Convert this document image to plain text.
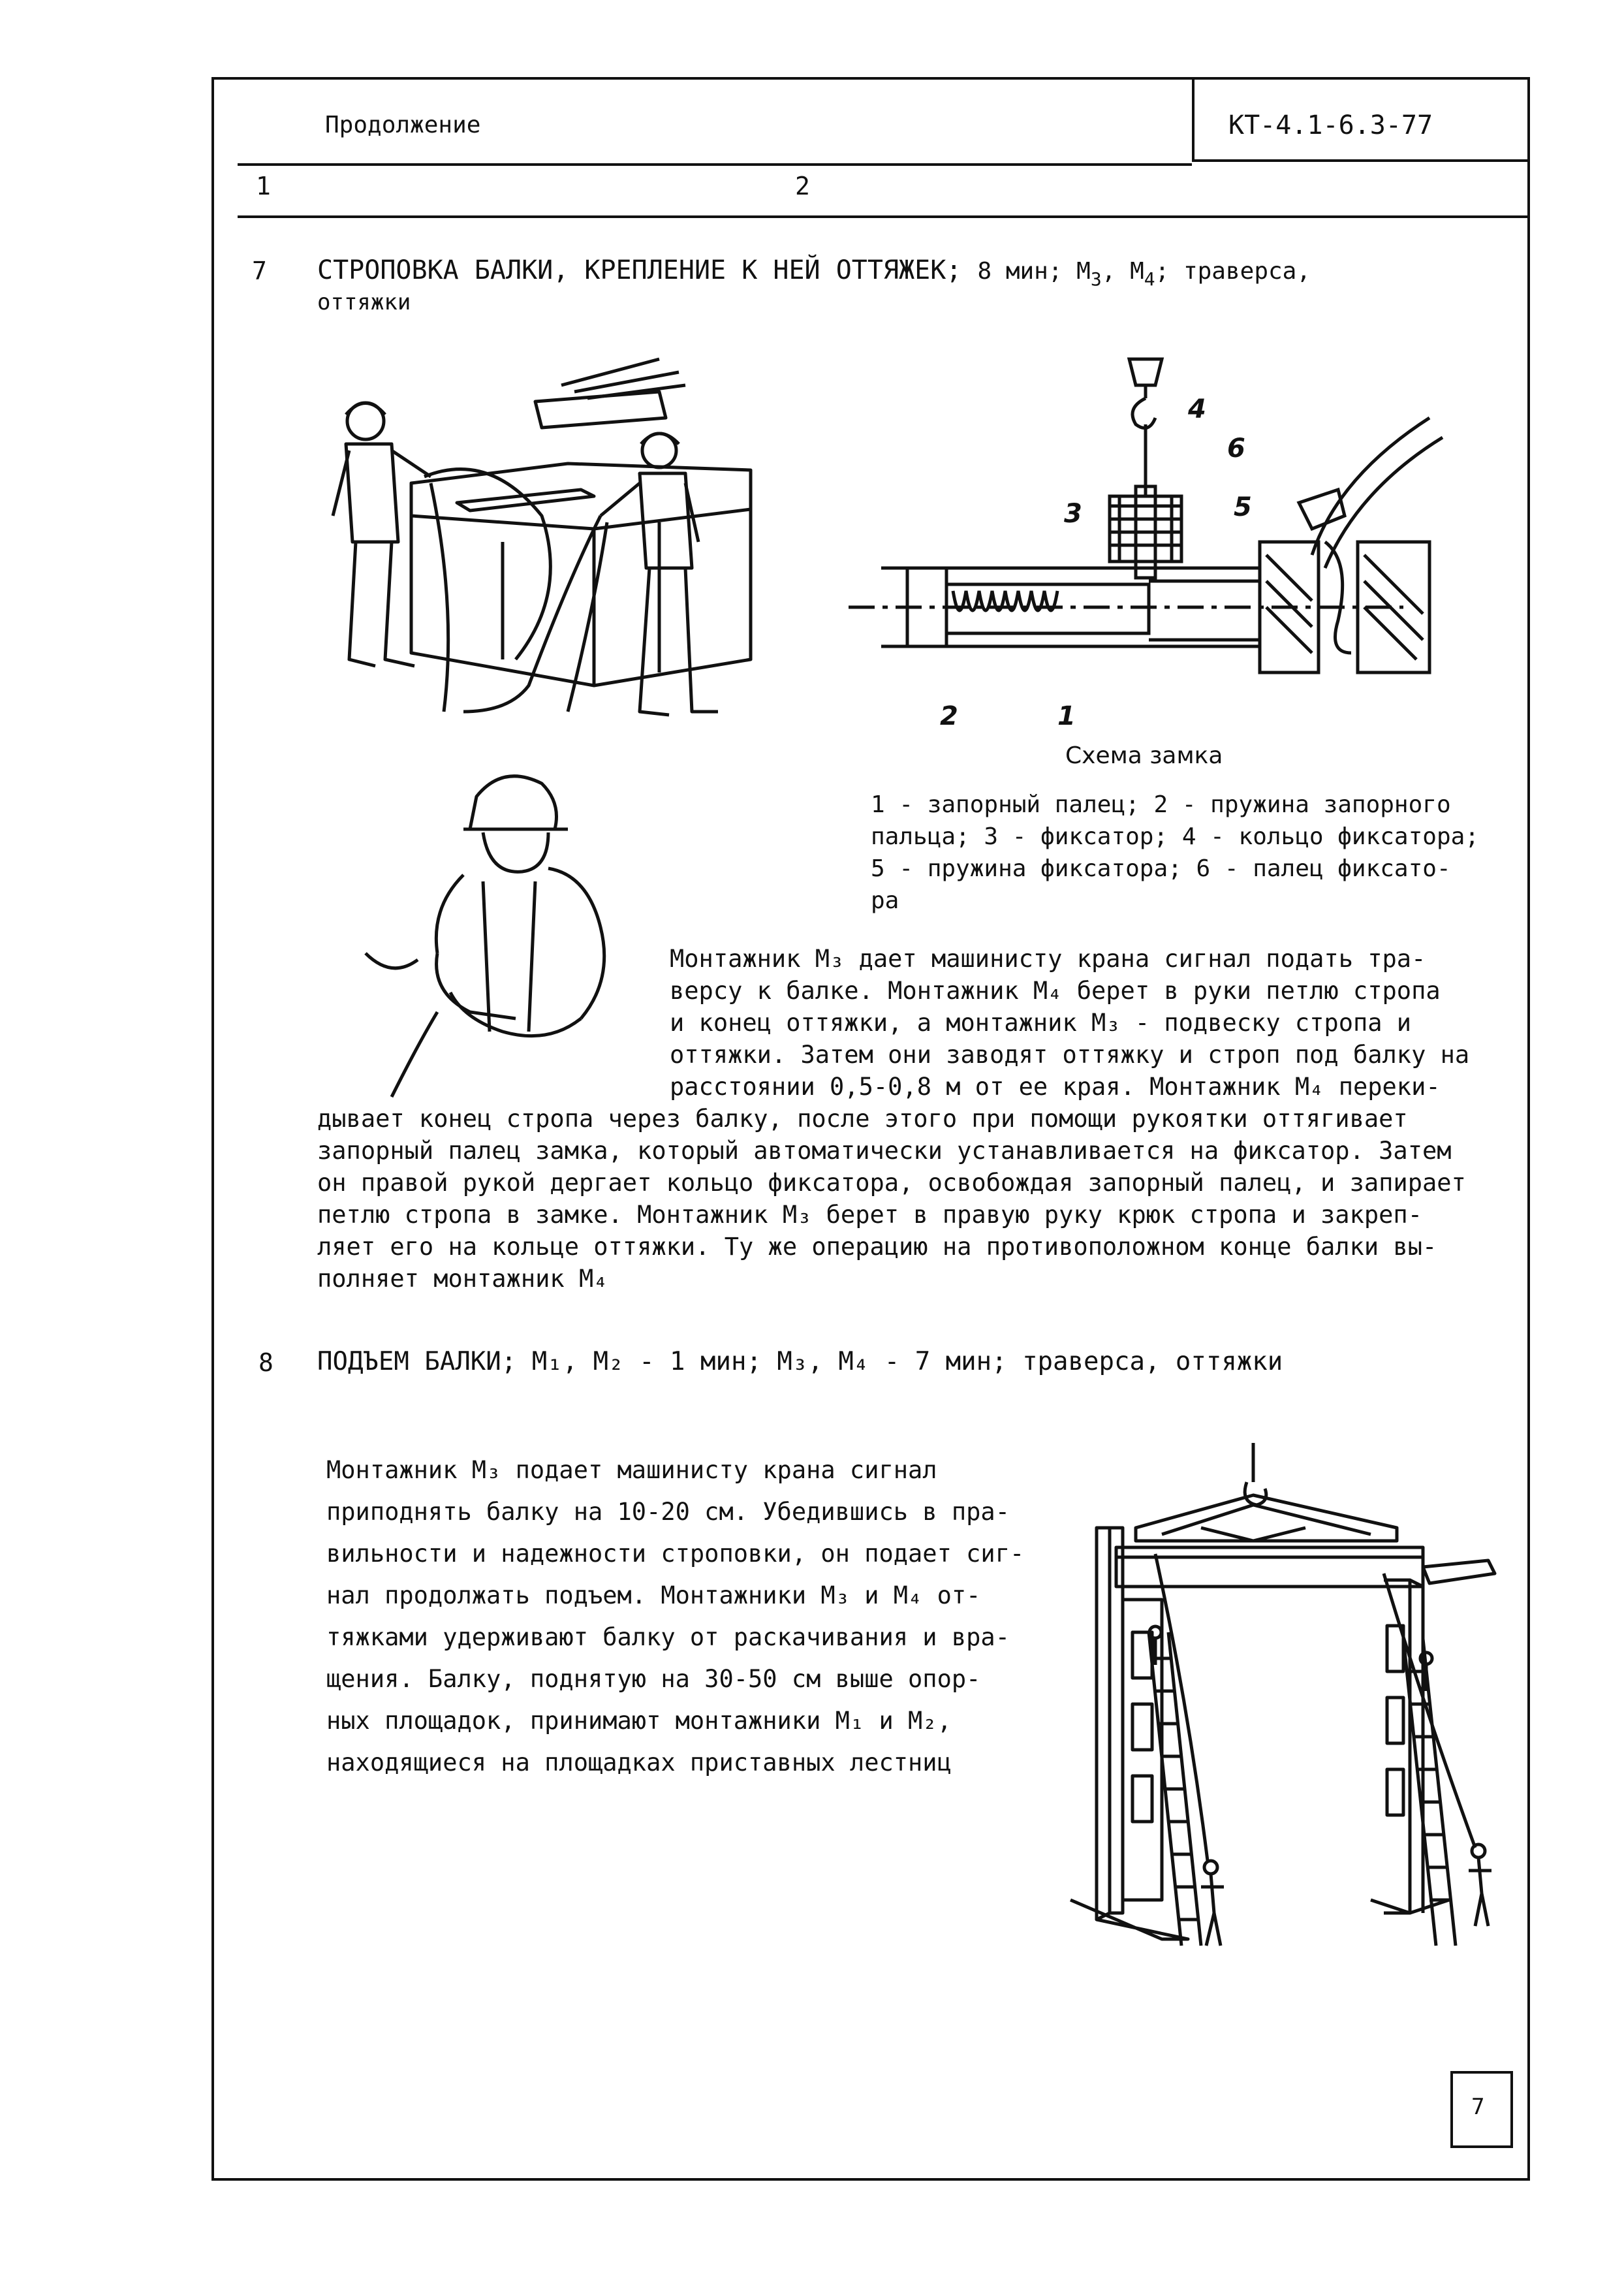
Продолжение	КТ-4.1-6.3-77
1	2
7 СТРОПОВКА БАЛКИ, КРЕПЛЕНИЕ К НЕЙ ОТТЯЖЕК; 8 мин; $М_3$, $М_4$; траверса,
оттяжки
4
6
3	5
2	1
Схема замка
1 - запорный палец; 2 - пружина запорного
пальца; 3 - фиксатор; 4 - кольцо фиксатора;
5 - пружина фиксатора; 6 - палец фиксато-
ра
Монтажник М₃ дает машинисту крана сигнал подать тра-
версу к балке. Монтажник М₄ берет в руки петлю стропа
и конец оттяжки, а монтажник М₃ - подвеску стропа и
оттяжки. Затем они заводят оттяжку и строп под балку на
расстоянии 0,5-0,8 м от ее края. Монтажник М₄ переки-
дывает конец стропа через балку, после этого при помощи рукоятки оттягивает
запорный палец замка, который автоматически устанавливается на фиксатор. Затем
он правой рукой дергает кольцо фиксатора, освобождая запорный палец, и запирает
петлю стропа в замке. Монтажник М₃ берет в правую руку крюк стропа и закреп-
ляет его на кольце оттяжки. Ту же операцию на противоположном конце балки вы-
полняет монтажник М₄
8 ПОДЪЕМ БАЛКИ; М₁, М₂ - 1 мин; М₃, М₄ - 7 мин; траверса, оттяжки
Монтажник М₃ подает машинисту крана сигнал
приподнять балку на 10-20 см. Убедившись в пра-
вильности и надежности строповки, он подает сиг-
нал продолжать подъем. Монтажники М₃ и М₄ от-
тяжками удерживают балку от раскачивания и вра-
щения. Балку, поднятую на 30-50 см выше опор-
ных площадок, принимают монтажники М₁ и М₂,
находящиеся на площадках приставных лестниц
7
